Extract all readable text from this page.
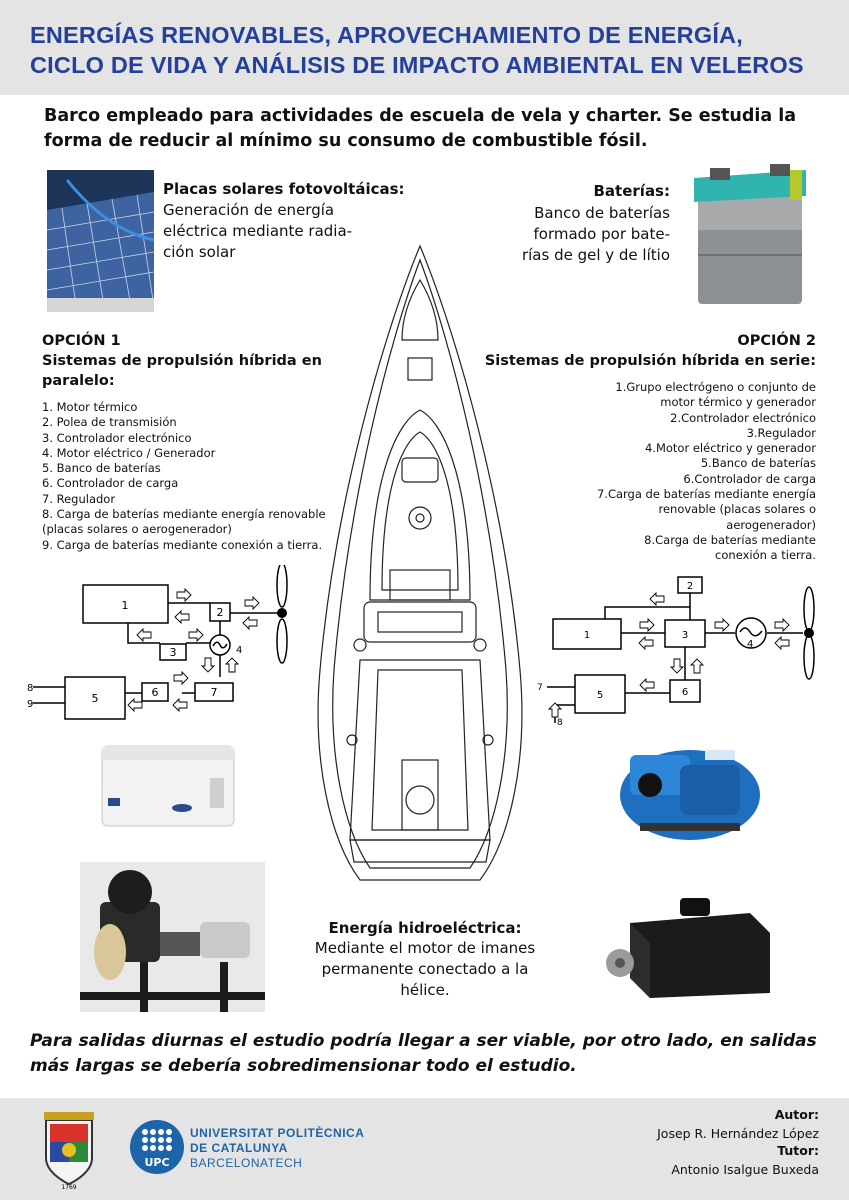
ENERGÍAS RENOVABLES, APROVECHAMIENTO DE ENERGÍA,
CICLO DE VIDA Y ANÁLISIS DE IMPACTO AMBIENTAL EN VELEROS
Barco empleado para actividades de escuela de vela y charter. Se estudia la forma de reducir al mínimo su consumo de combustible fósil.
Placas solares fotovoltáicas:
Generación de energía
eléctrica mediante radia-
ción solar
Baterías:
Banco de baterías
formado por bate-
rías de gel y de lítio
OPCIÓN 1
Sistemas de propulsión híbrida en paralelo:
1. Motor térmico
2. Polea de transmisión
3. Controlador electrónico
4. Motor eléctrico / Generador
5. Banco de baterías
6. Controlador de carga
7. Regulador
8. Carga de baterías mediante energía renovable (placas solares o aerogenerador)
9. Carga de baterías mediante conexión a tierra.
1
2
3	4
5	6	7
8
9
OPCIÓN 2
Sistemas de propulsión híbrida en serie:
1.Grupo electrógeno o conjunto de motor térmico y generador
2.Controlador electrónico
3.Regulador
4.Motor eléctrico y generador
5.Banco de baterías
6.Controlador de carga
7.Carga de baterías mediante energía renovable (placas solares o aerogenerador)
8.Carga de baterías mediante conexión a tierra.
2
1	3
4
5	6
7
8
Energía hidroeléctrica:
Mediante el motor de imanes
permanente conectado a la
hélice.
Para salidas diurnas el estudio podría llegar a ser viable, por otro lado, en salidas más largas se debería sobredimensionar todo el estudio.
1769
UPC
UNIVERSITAT POLITÈCNICA
DE CATALUNYA
BARCELONATECH
Autor:
Josep R. Hernández López
Tutor:
Antonio Isalgue Buxeda
